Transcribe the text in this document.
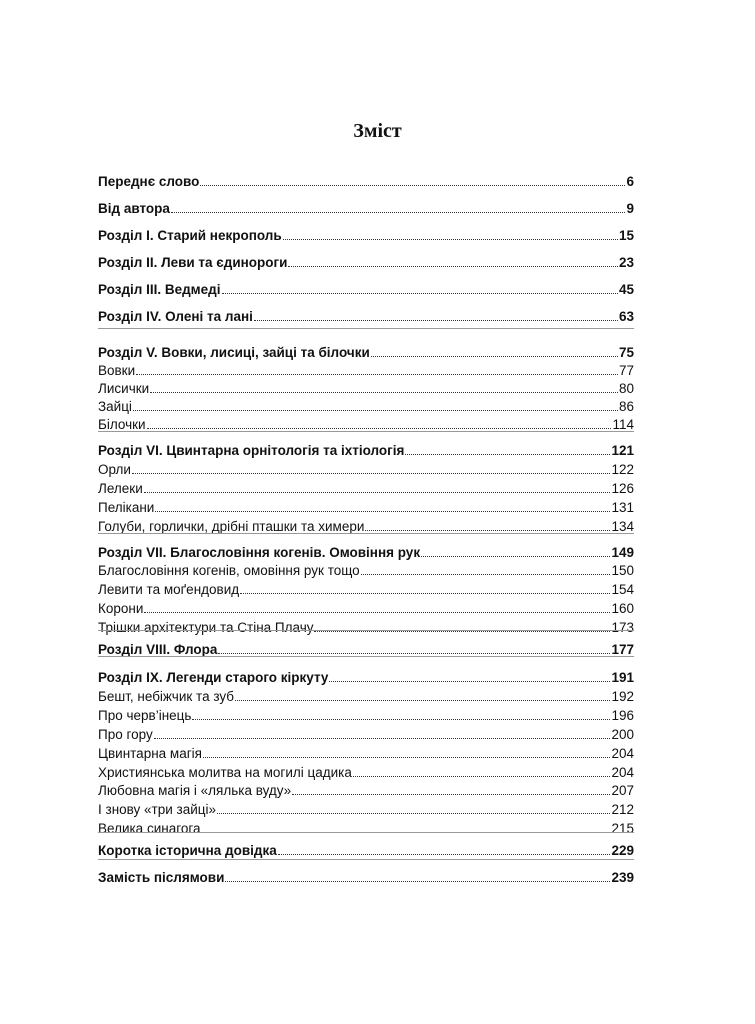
Зміст
Переднє слово	6
Від автора	9
Розділ I. Старий некрополь	15
Розділ II. Леви та єдинороги	23
Розділ III. Ведмеді	45
Розділ IV. Олені та лані	63
Розділ V. Вовки, лисиці, зайці та білочки	75
Вовки	77
Лисички	80
Зайці	86
Білочки	114
Розділ VI. Цвинтарна орнітологія та іхтіологія	121
Орли	122
Лелеки	126
Пелікани	131
Голуби, горлички, дрібні пташки та химери	134
Розділ VII. Благословіння когенів. Омовіння рук	149
Благословіння когенів, омовіння рук тощо	150
Левити та моґендовид	154
Корони	160
Трішки архітектури та Стіна Плачу	173
Розділ VIII. Флора	177
Розділ IX. Легенди старого кіркуту	191
Бешт, небіжчик та зуб	192
Про черв’інець	196
Про гору	200
Цвинтарна магія	204
Християнська молитва на могилі цадика	204
Любовна магія і «лялька вуду»	207
І знову «три зайці»	212
Велика синагога	215
Коротка історична довідка	229
Замість післямови	239
